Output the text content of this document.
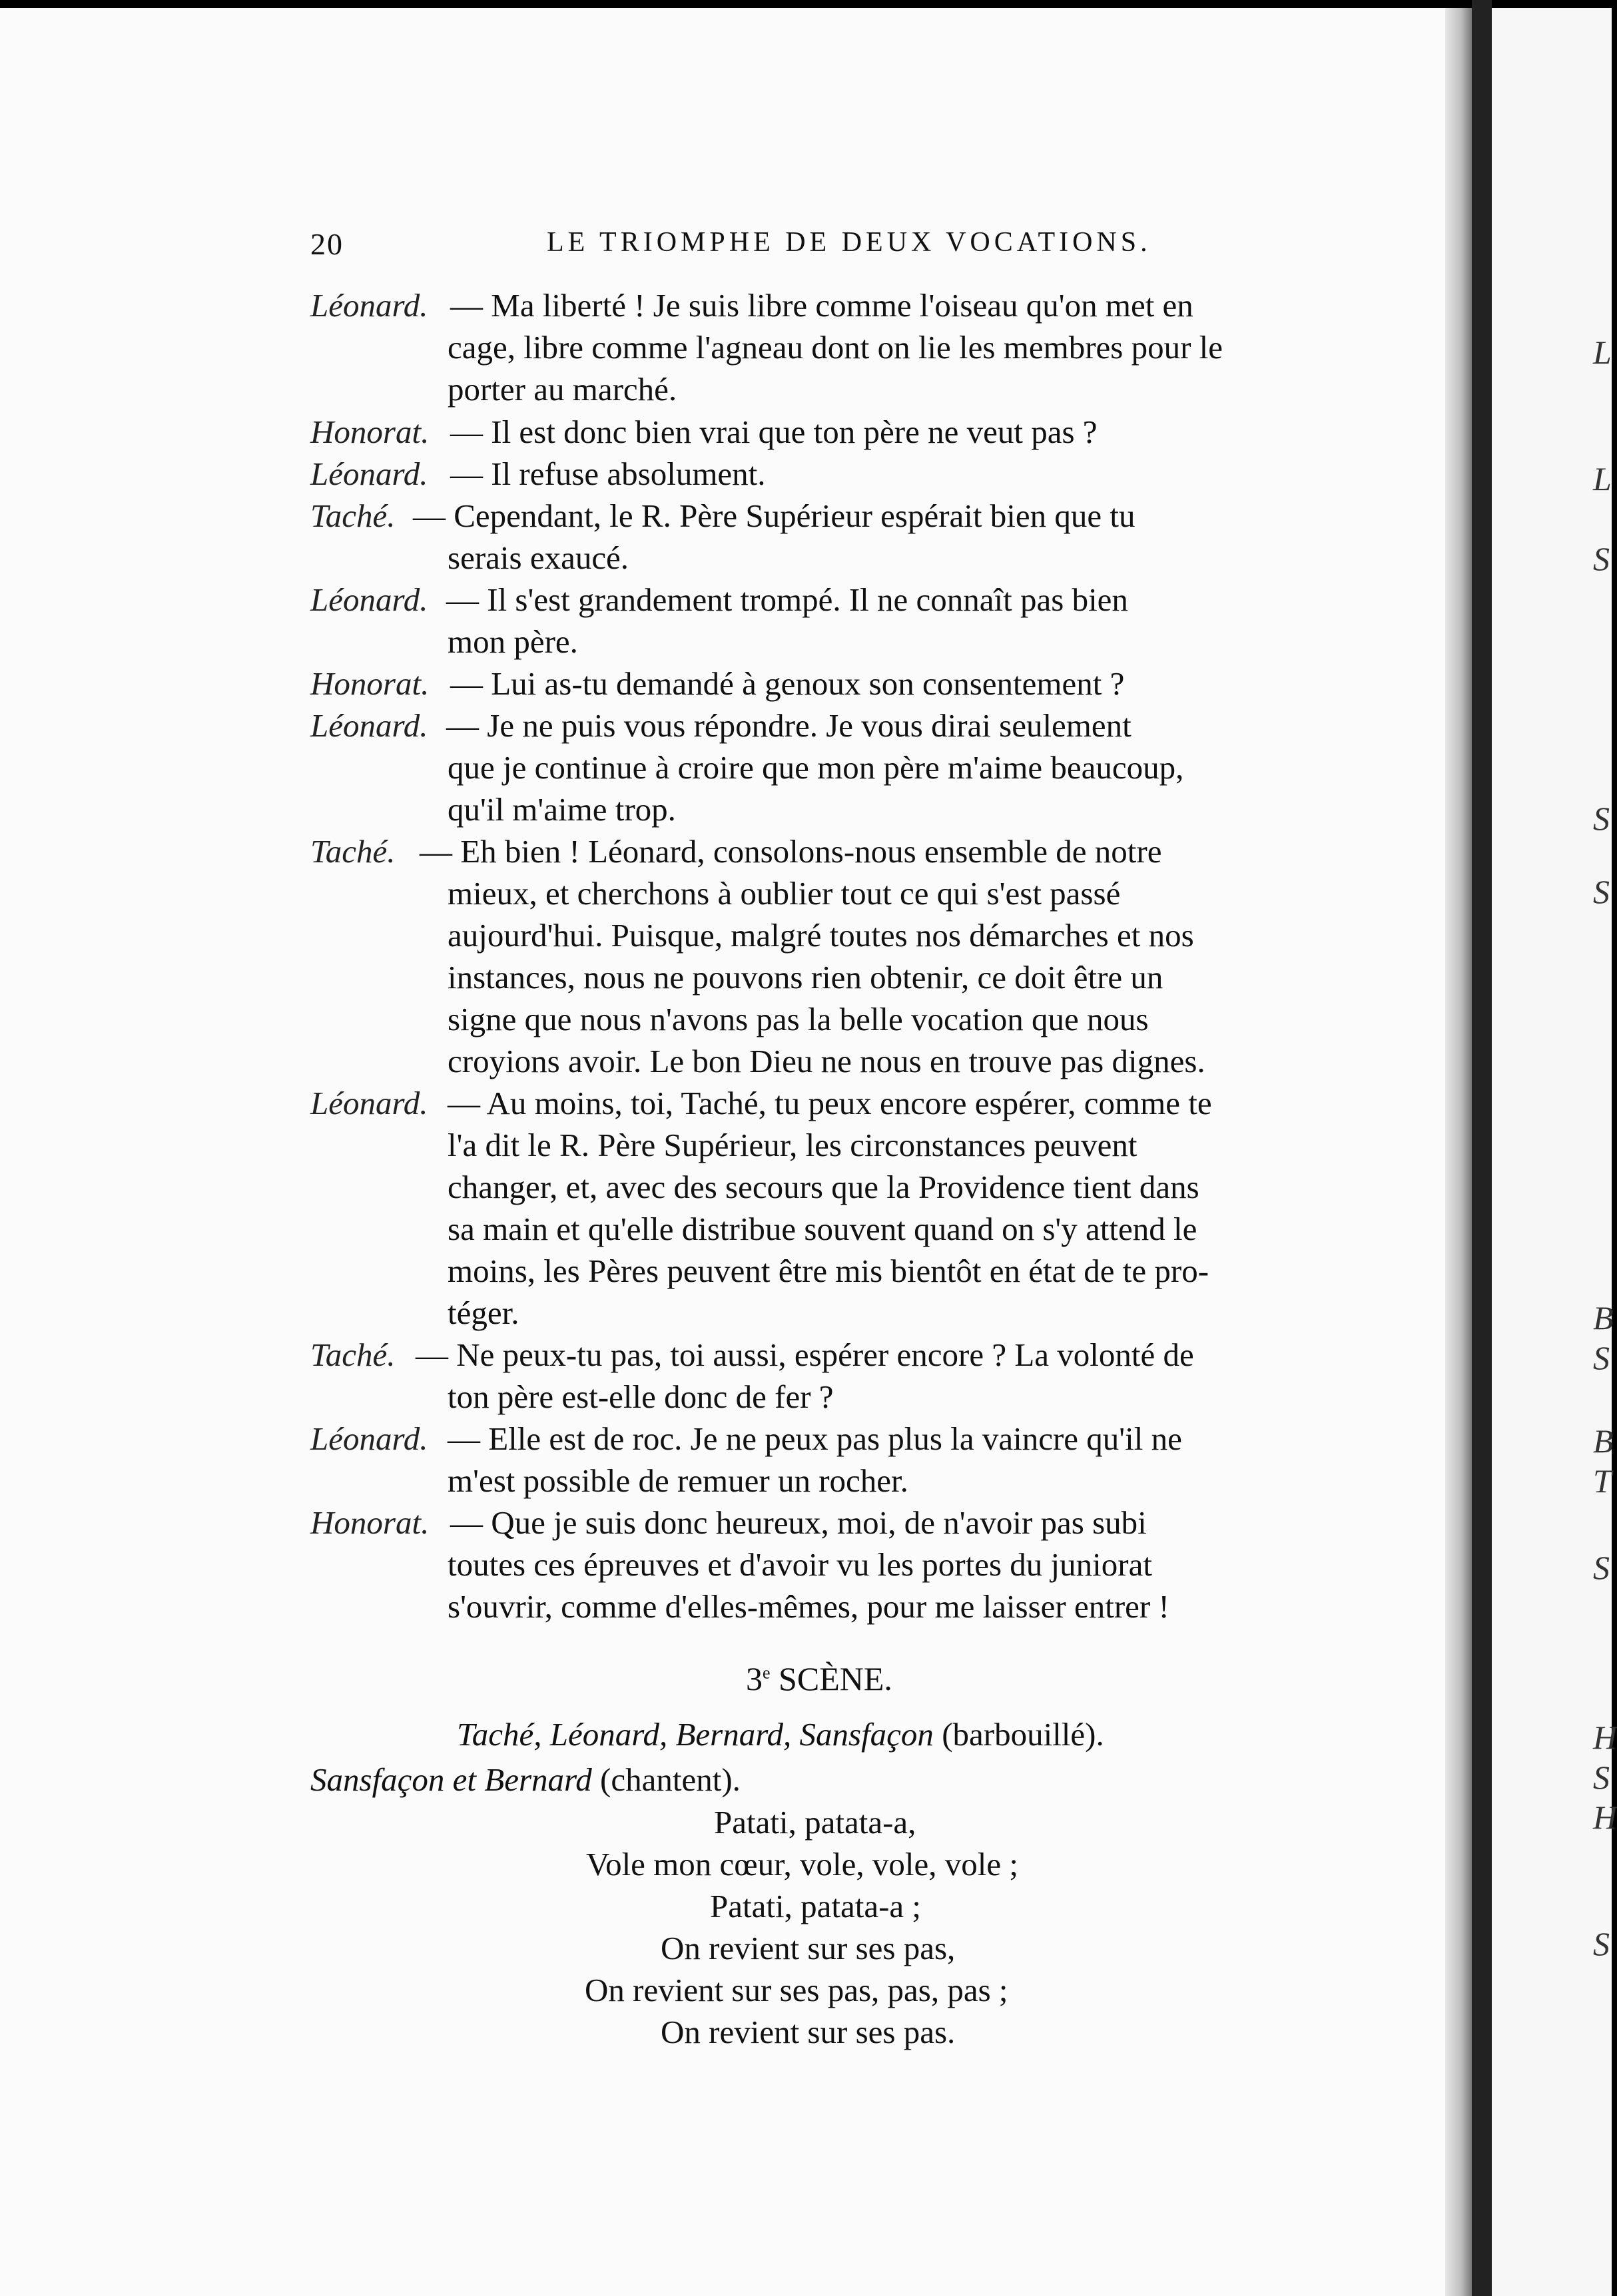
L
L
S
S
S
B
S
B
T
S
H
S
H
S
20	LE TRIOMPHE DE DEUX VOCATIONS.
Léonard. — Ma liberté ! Je suis libre comme l'oiseau qu'on met en
cage, libre comme l'agneau dont on lie les membres pour le
porter au marché.
Honorat. — Il est donc bien vrai que ton père ne veut pas ?
Léonard. — Il refuse absolument.
Taché. — Cependant, le R. Père Supérieur espérait bien que tu
serais exaucé.
Léonard. — Il s'est grandement trompé. Il ne connaît pas bien
mon père.
Honorat. — Lui as-tu demandé à genoux son consentement ?
Léonard. — Je ne puis vous répondre. Je vous dirai seulement
que je continue à croire que mon père m'aime beaucoup,
qu'il m'aime trop.
Taché. — Eh bien ! Léonard, consolons-nous ensemble de notre
mieux, et cherchons à oublier tout ce qui s'est passé
aujourd'hui. Puisque, malgré toutes nos démarches et nos
instances, nous ne pouvons rien obtenir, ce doit être un
signe que nous n'avons pas la belle vocation que nous
croyions avoir. Le bon Dieu ne nous en trouve pas dignes.
Léonard. — Au moins, toi, Taché, tu peux encore espérer, comme te
l'a dit le R. Père Supérieur, les circonstances peuvent
changer, et, avec des secours que la Providence tient dans
sa main et qu'elle distribue souvent quand on s'y attend le
moins, les Pères peuvent être mis bientôt en état de te pro-
téger.
Taché. — Ne peux-tu pas, toi aussi, espérer encore ? La volonté de
ton père est-elle donc de fer ?
Léonard. — Elle est de roc. Je ne peux pas plus la vaincre qu'il ne
m'est possible de remuer un rocher.
Honorat. — Que je suis donc heureux, moi, de n'avoir pas subi
toutes ces épreuves et d'avoir vu les portes du juniorat
s'ouvrir, comme d'elles-mêmes, pour me laisser entrer !
3e SCÈNE.
Taché, Léonard, Bernard, Sansfaçon (barbouillé).
Sansfaçon et Bernard (chantent).
Patati, patata-a,
Vole mon cœur, vole, vole, vole ;
Patati, patata-a ;
On revient sur ses pas,
On revient sur ses pas, pas, pas ;
On revient sur ses pas.
